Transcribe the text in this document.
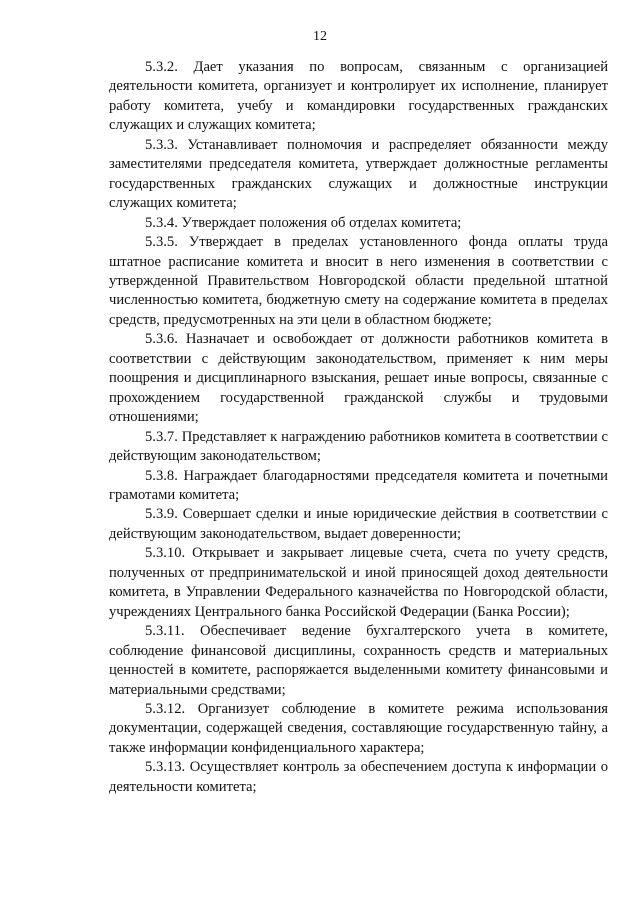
12

5.3.2. Дает указания по вопросам, связанным с организацией деятельности комитета, организует и контролирует их исполнение, планирует работу комитета, учебу и командировки государственных гражданских служащих и служащих комитета;

5.3.3. Устанавливает полномочия и распределяет обязанности между заместителями председателя комитета, утверждает должностные регламенты государственных гражданских служащих и должностные инструкции служащих комитета;

5.3.4. Утверждает положения об отделах комитета;

5.3.5. Утверждает в пределах установленного фонда оплаты труда штатное расписание комитета и вносит в него изменения в соответствии с утвержденной Правительством Новгородской области предельной штатной численностью комитета, бюджетную смету на содержание комитета в пределах средств, предусмотренных на эти цели в областном бюджете;

5.3.6. Назначает и освобождает от должности работников комитета в соответствии с действующим законодательством, применяет к ним меры поощрения и дисциплинарного взыскания, решает иные вопросы, связанные с прохождением государственной гражданской службы и трудовыми отношениями;

5.3.7. Представляет к награждению работников комитета в соответствии с действующим законодательством;

5.3.8. Награждает благодарностями председателя комитета и почетными грамотами комитета;

5.3.9. Совершает сделки и иные юридические действия в соответствии с действующим законодательством, выдает доверенности;

5.3.10. Открывает и закрывает лицевые счета, счета по учету средств, полученных от предпринимательской и иной приносящей доход деятельности комитета, в Управлении Федерального казначейства по Новгородской области, учреждениях Центрального банка Российской Федерации (Банка России);

5.3.11. Обеспечивает ведение бухгалтерского учета в комитете, соблюдение финансовой дисциплины, сохранность средств и материальных ценностей в комитете, распоряжается выделенными комитету финансовыми и материальными средствами;

5.3.12. Организует соблюдение в комитете режима использования документации, содержащей сведения, составляющие государственную тайну, а также информации конфиденциального характера;

5.3.13. Осуществляет контроль за обеспечением доступа к информации о деятельности комитета;
